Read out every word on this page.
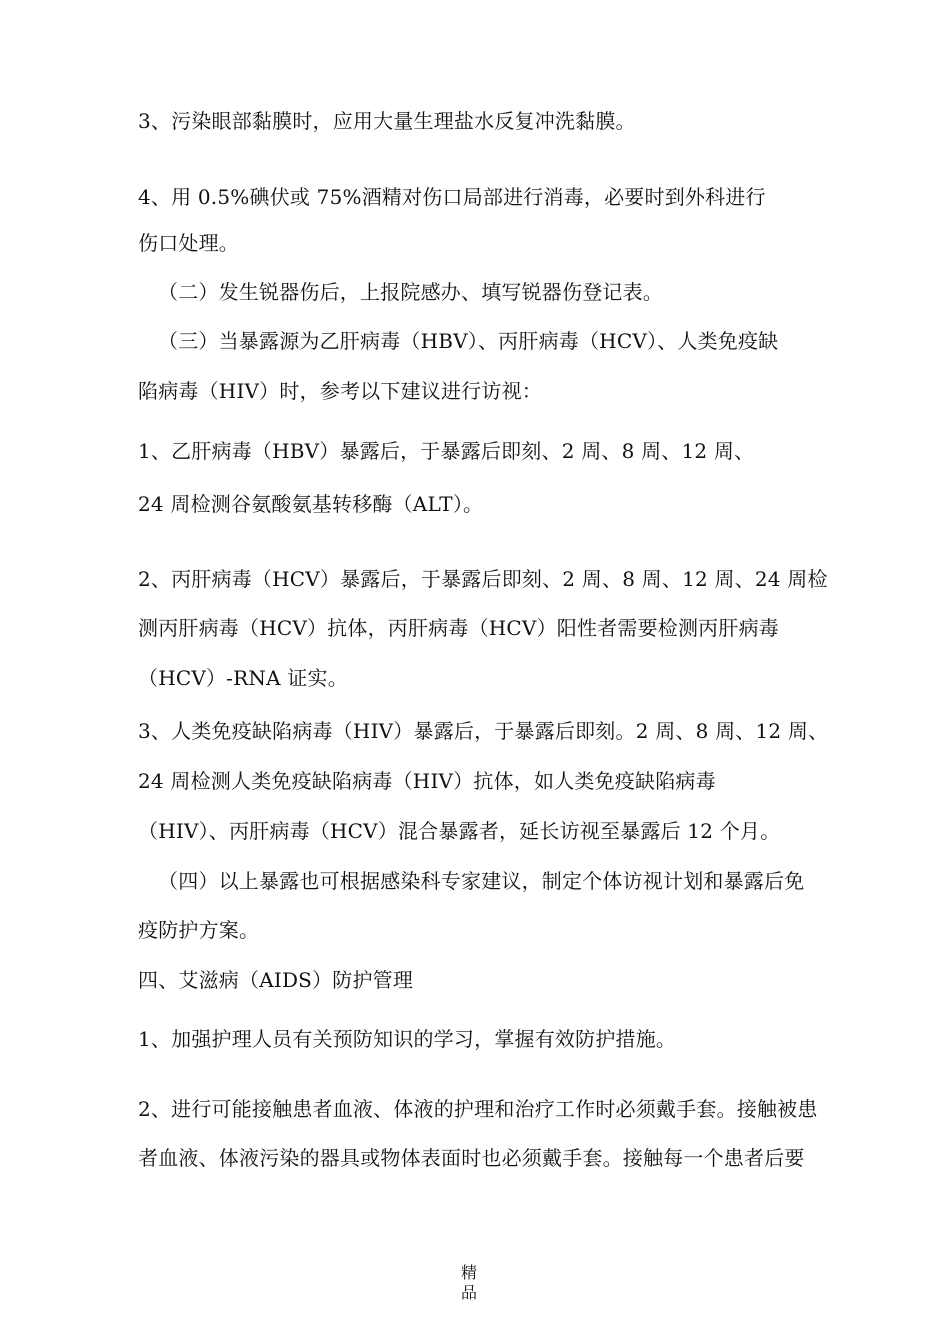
3、污染眼部黏膜时，应用大量生理盐水反复冲洗黏膜。
4、用 0.5%碘伏或 75%酒精对伤口局部进行消毒，必要时到外科进行
伤口处理。
（二）发生锐器伤后，上报院感办、填写锐器伤登记表。
（三）当暴露源为乙肝病毒（HBV）、丙肝病毒（HCV）、人类免疫缺
陷病毒（HIV）时，参考以下建议进行访视：
1、乙肝病毒（HBV）暴露后，于暴露后即刻、2 周、8 周、12 周、
24 周检测谷氨酸氨基转移酶（ALT）。
2、丙肝病毒（HCV）暴露后，于暴露后即刻、2 周、8 周、12 周、24 周检
测丙肝病毒（HCV）抗体，丙肝病毒（HCV）阳性者需要检测丙肝病毒
（HCV）-RNA 证实。
3、人类免疫缺陷病毒（HIV）暴露后，于暴露后即刻。2 周、8 周、12 周、
24 周检测人类免疫缺陷病毒（HIV）抗体，如人类免疫缺陷病毒
（HIV）、丙肝病毒（HCV）混合暴露者，延长访视至暴露后 12 个月。
（四）以上暴露也可根据感染科专家建议，制定个体访视计划和暴露后免
疫防护方案。
四、艾滋病（AIDS）防护管理
1、加强护理人员有关预防知识的学习，掌握有效防护措施。
2、进行可能接触患者血液、体液的护理和治疗工作时必须戴手套。接触被患
者血液、体液污染的器具或物体表面时也必须戴手套。接触每一个患者后要
精
品
